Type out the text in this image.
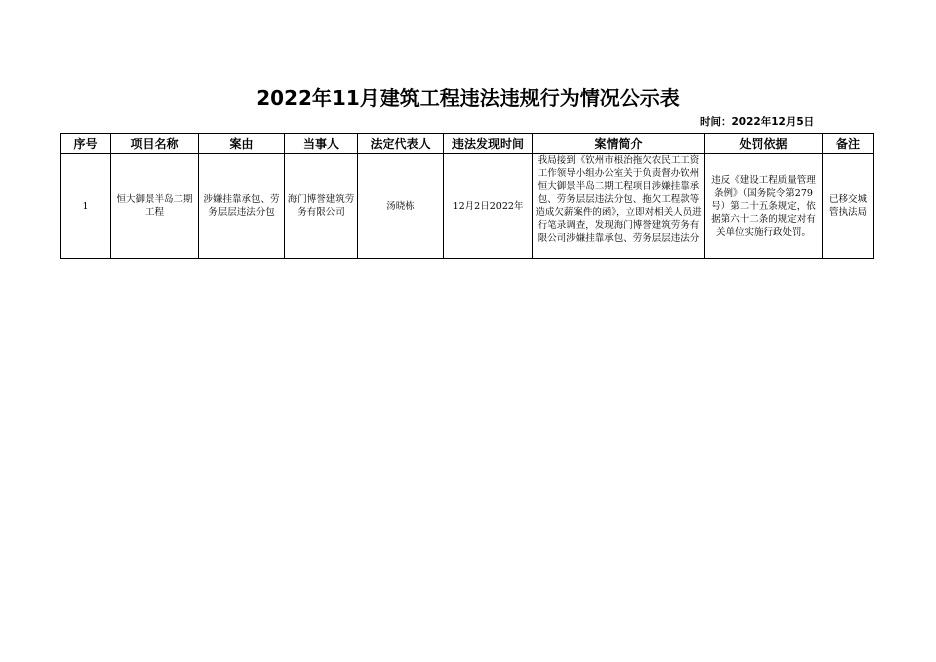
2022年11月建筑工程违法违规行为情况公示表
时间：2022年12月5日
序号	项目名称	案由	当事人	法定代表人	违法发现时间	案情简介	处罚依据	备注
1	恒大御景半岛二期工程	涉嫌挂靠承包、劳务层层违法分包	海门博誉建筑劳务有限公司	汤晓栋	12月2日2022年	我局接到《钦州市根治拖欠农民工工资工作领导小组办公室关于负责督办钦州恒大御景半岛二期工程项目涉嫌挂靠承包、劳务层层违法分包、拖欠工程款等造成欠薪案件的函》，立即对相关人员进行笔录调查，发现海门博誉建筑劳务有限公司涉嫌挂靠承包、劳务层层违法分	违反《建设工程质量管理条例》（国务院令第279号）第二十五条规定，依据第六十二条的规定对有关单位实施行政处罚。	已移交城管执法局
